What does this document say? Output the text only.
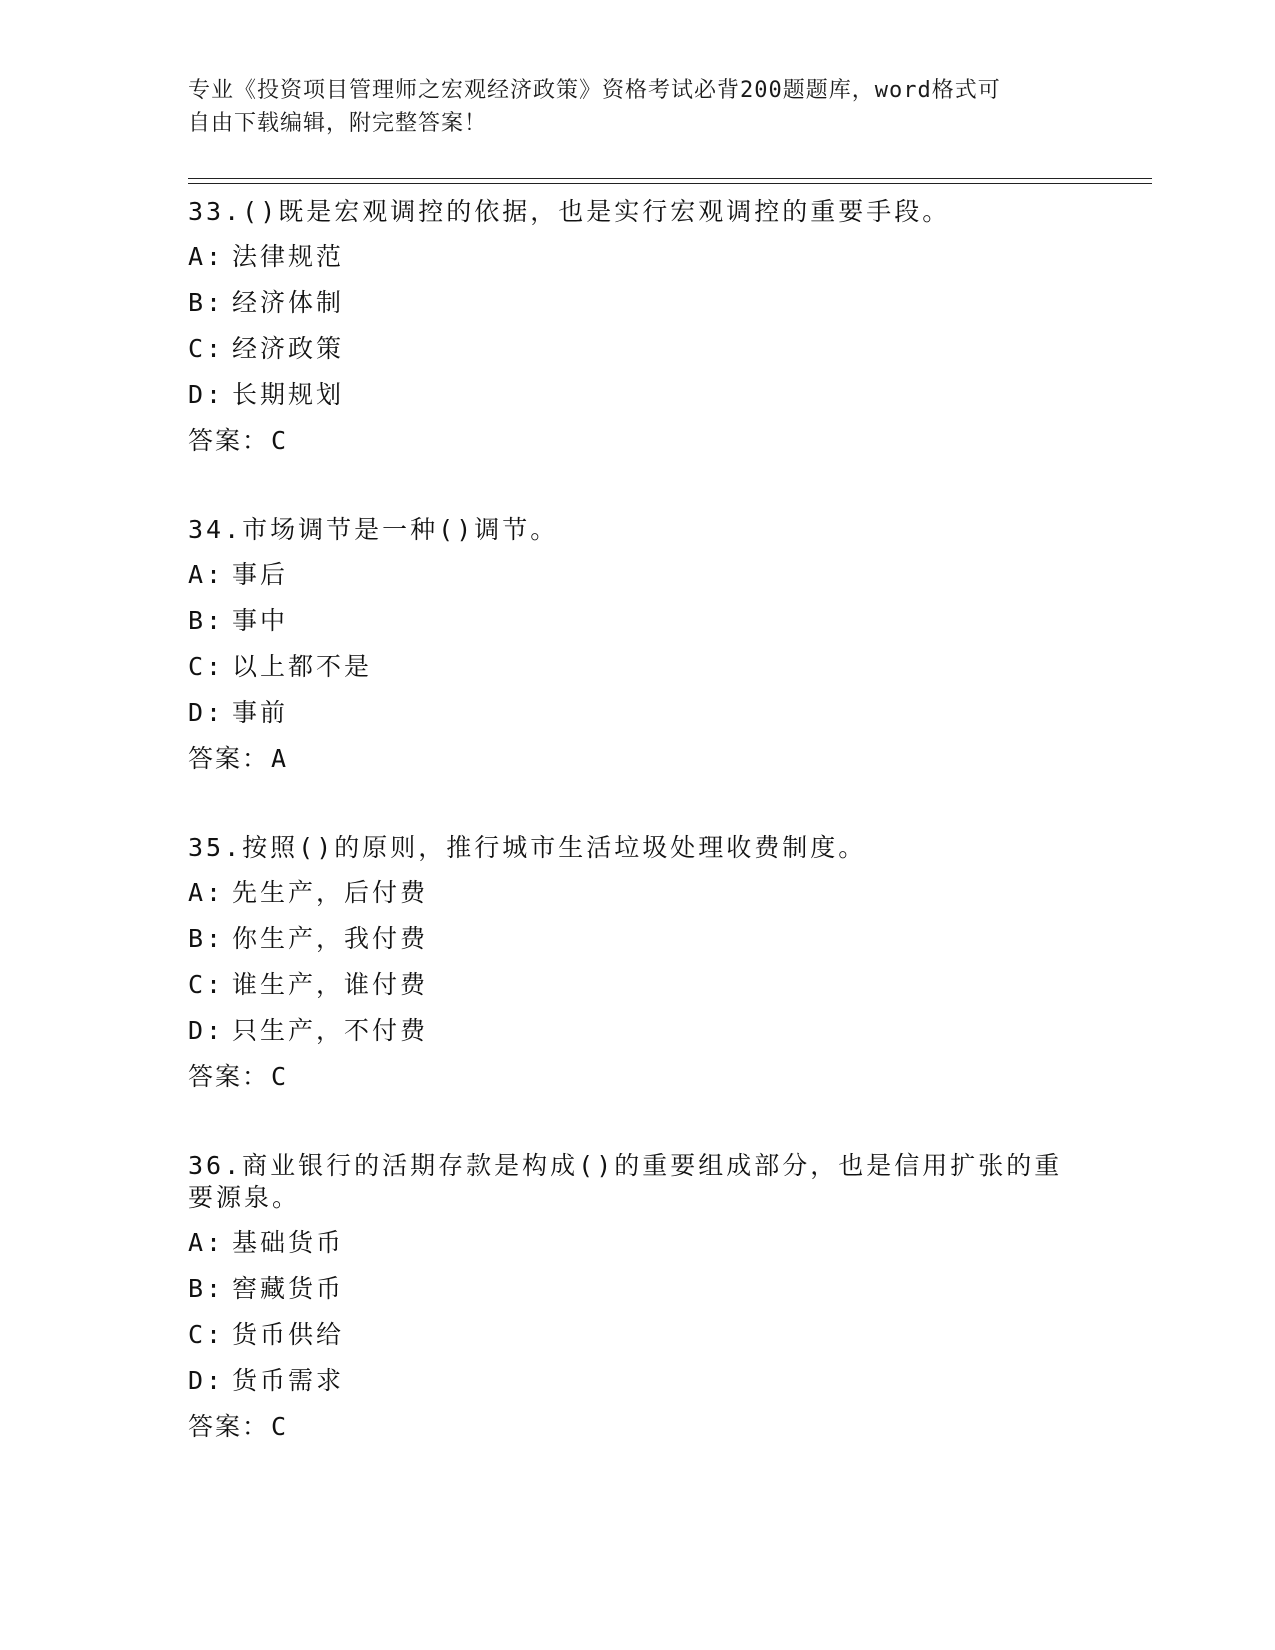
专业《投资项目管理师之宏观经济政策》资格考试必背200题题库，word格式可
自由下载编辑，附完整答案！
33.()既是宏观调控的依据，也是实行宏观调控的重要手段。
A: 法律规范
B: 经济体制
C: 经济政策
D: 长期规划
答案： C
34.市场调节是一种()调节。
A: 事后
B: 事中
C: 以上都不是
D: 事前
答案： A
35.按照()的原则，推行城市生活垃圾处理收费制度。
A: 先生产，后付费
B: 你生产，我付费
C: 谁生产，谁付费
D: 只生产，不付费
答案： C
36.商业银行的活期存款是构成()的重要组成部分，也是信用扩张的重要源泉。
A: 基础货币
B: 窖藏货币
C: 货币供给
D: 货币需求
答案： C
